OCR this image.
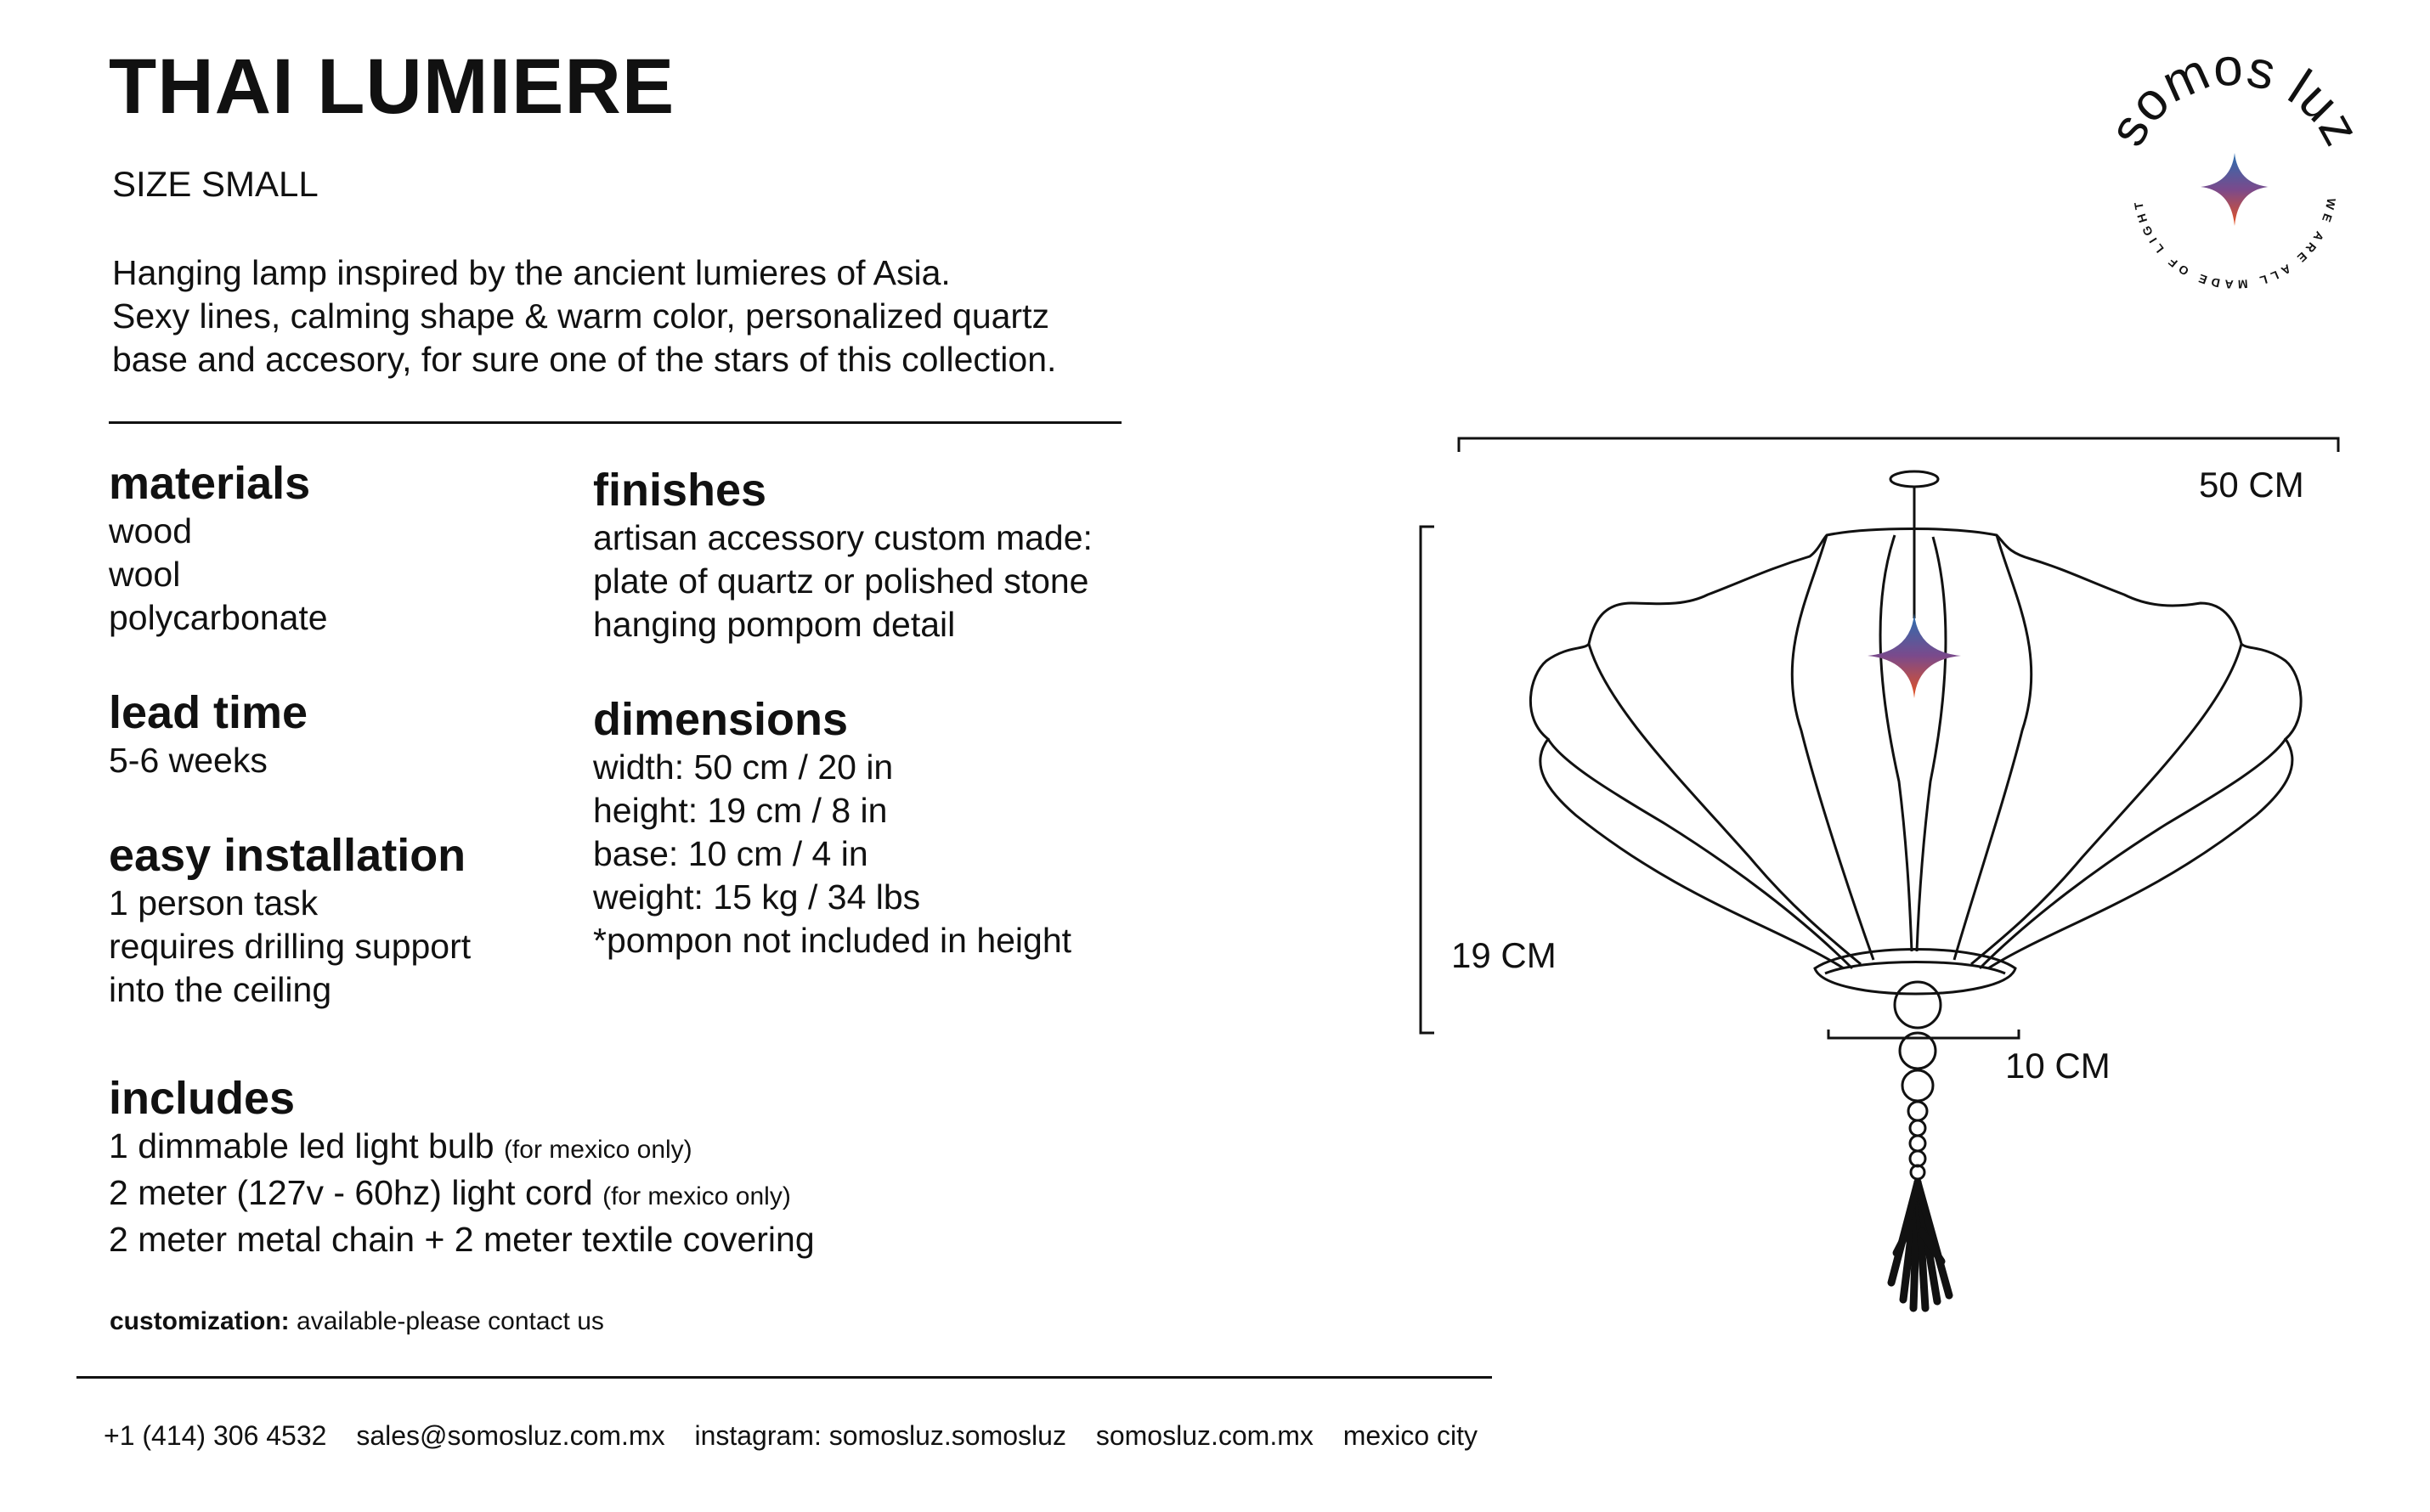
THAI LUMIERE
SIZE SMALL
Hanging lamp inspired by the ancient lumieres of Asia.
Sexy lines, calming shape & warm color, personalized quartz
base and accesory, for sure one of the stars of this collection.
materials
wood
wool
polycarbonate
lead time
5-6 weeks
easy installation
1 person task
requires drilling support
into the ceiling
includes
1 dimmable led light bulb (for mexico only)
2 meter (127v - 60hz) light cord (for mexico only)
2 meter metal chain + 2 meter textile covering
finishes
artisan accessory custom made:
plate of quartz or polished stone
hanging pompom detail
dimensions
width: 50 cm / 20 in
height: 19 cm / 8 in
base: 10 cm / 4 in
weight: 15 kg / 34 lbs
*pompon not included in height
customization: available-please contact us
+1 (414) 306 4532 sales@somosluz.com.mx instagram: somosluz.somosluz somosluz.com.mx mexico city
somos luz
WE ARE ALL MADE OF LIGHT
50 CM
19 CM
10 CM
